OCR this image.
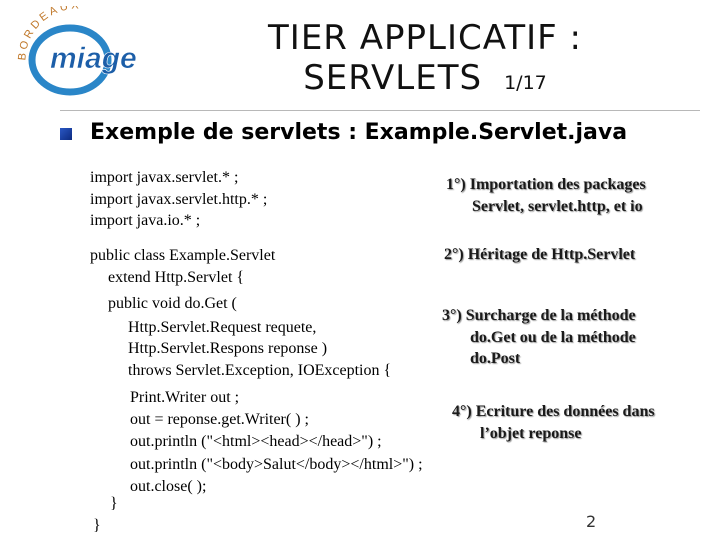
BORDEAU
miage
TIER APPLICATIF :
SERVLETS 1/17
Exemple de servlets : Example.Servlet.java

import javax.servlet.* ;

import javax.servlet.http.* ;

import java.io.* ;

public class Example.Servlet

extend Http.Servlet {

public void do.Get (

Http.Servlet.Request requete,

Http.Servlet.Respons reponse )

throws Servlet.Exception, IOException {

Print.Writer out ;

out = reponse.get.Writer( ) ;

out.println ("<html><head></head>") ;

out.println ("<body>Salut</body></html>") ;

out.close( );

}

}

1°) Importation des packages
Servlet, servlet.http, et io
2°) Héritage de Http.Servlet
3°) Surcharge de la méthode
do.Get ou de la méthode
do.Post
4°) Ecriture des données dans
l’objet reponse
2
